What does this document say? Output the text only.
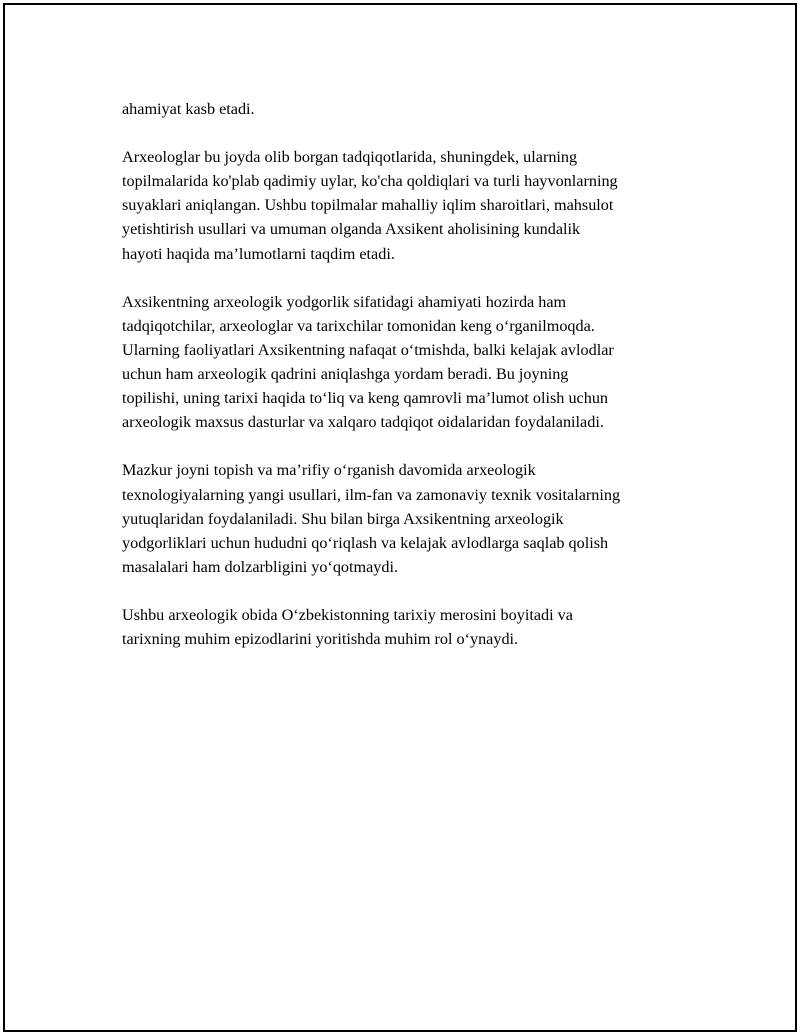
ahamiyat kasb etadi.
Arxeologlar bu joyda olib borgan tadqiqotlarida, shuningdek, ularning
topilmalarida ko'plab qadimiy uylar, ko'cha qoldiqlari va turli hayvonlarning
suyaklari aniqlangan. Ushbu topilmalar mahalliy iqlim sharoitlari, mahsulot
yetishtirish usullari va umuman olganda Axsikent aholisining kundalik
hayoti haqida ma’lumotlarni taqdim etadi.
Axsikentning arxeologik yodgorlik sifatidagi ahamiyati hozirda ham
tadqiqotchilar, arxeologlar va tarixchilar tomonidan keng o‘rganilmoqda.
Ularning faoliyatlari Axsikentning nafaqat o‘tmishda, balki kelajak avlodlar
uchun ham arxeologik qadrini aniqlashga yordam beradi. Bu joyning
topilishi, uning tarixi haqida to‘liq va keng qamrovli ma’lumot olish uchun
arxeologik maxsus dasturlar va xalqaro tadqiqot oidalaridan foydalaniladi.
Mazkur joyni topish va ma’rifiy o‘rganish davomida arxeologik
texnologiyalarning yangi usullari, ilm-fan va zamonaviy texnik vositalarning
yutuqlaridan foydalaniladi. Shu bilan birga Axsikentning arxeologik
yodgorliklari uchun hududni qo‘riqlash va kelajak avlodlarga saqlab qolish
masalalari ham dolzarbligini yo‘qotmaydi.
Ushbu arxeologik obida O‘zbekistonning tarixiy merosini boyitadi va
tarixning muhim epizodlarini yoritishda muhim rol o‘ynaydi.
